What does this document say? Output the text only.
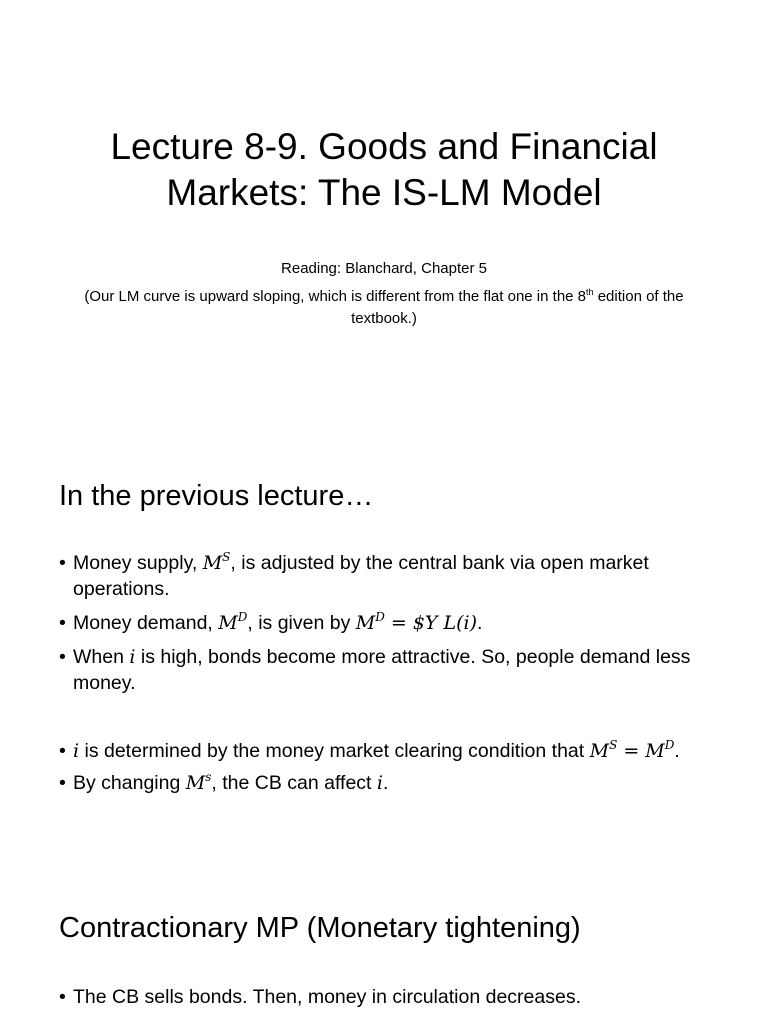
Lecture 8-9. Goods and Financial
Markets: The IS-LM Model

Reading: Blanchard, Chapter 5

(Our LM curve is upward sloping, which is different from the flat one in the 8th edition of the textbook.)

In the previous lecture…
• Money supply, $M^S$, is adjusted by the central bank via open market operations.
• Money demand, $M^D$, is given by $M^D$ = $Y L(i).
• When i is high, bonds become more attractive. So, people demand less money.
• i is determined by the money market clearing condition that $M^S = M^D$.
• By changing $M^s$, the CB can affect i.
Contractionary MP (Monetary tightening)
• The CB sells bonds. Then, money in circulation decreases.
